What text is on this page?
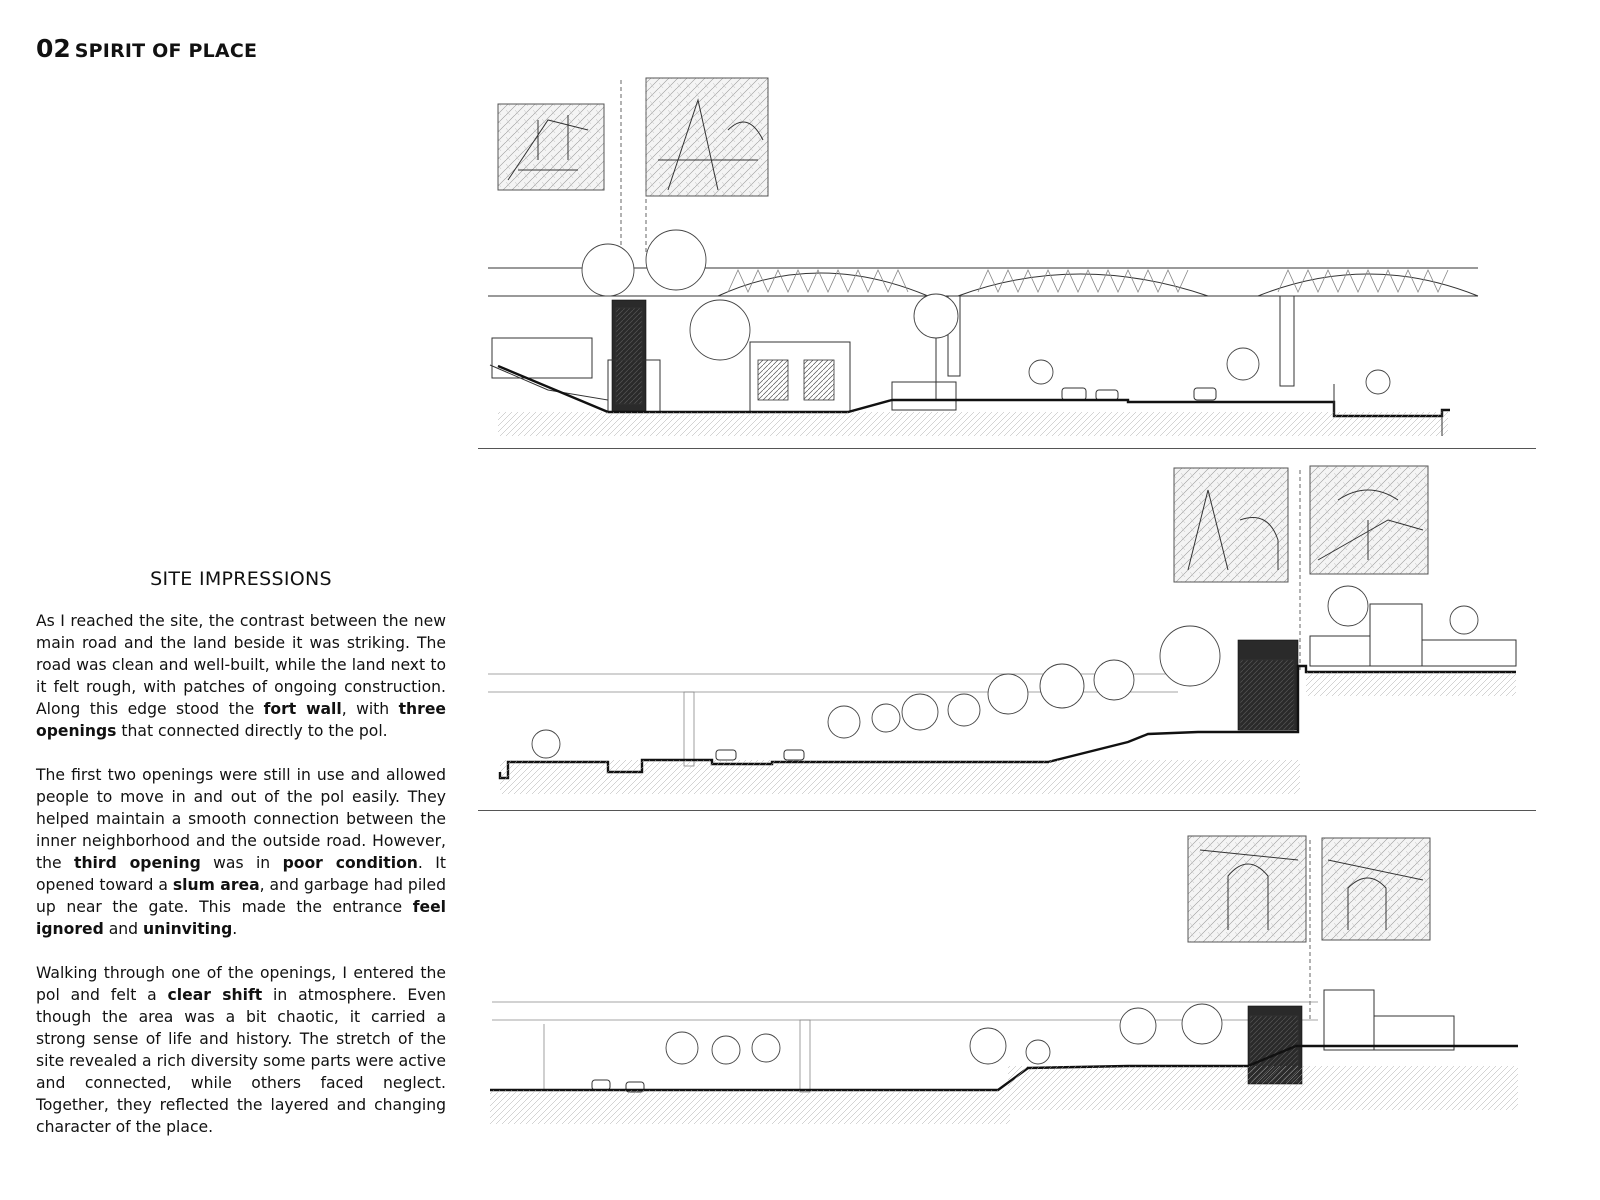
02 SPIRIT OF PLACE
SITE IMPRESSIONS

As I reached the site, the contrast between the new main road and the land beside it was striking. The road was clean and well-built, while the land next to it felt rough, with patches of ongoing construction. Along this edge stood the fort wall, with three openings that connected directly to the pol.

The first two openings were still in use and allowed people to move in and out of the pol easily. They helped maintain a smooth connection between the inner neighborhood and the outside road. However, the third opening was in poor condition. It opened toward a slum area, and garbage had piled up near the gate. This made the entrance feel ignored and uninviting.

Walking through one of the openings, I entered the pol and felt a clear shift in atmosphere. Even though the area was a bit chaotic, it carried a strong sense of life and history. The stretch of the site revealed a rich diversity some parts were active and connected, while others faced neglect. Together, they reflected the layered and changing character of the place.
